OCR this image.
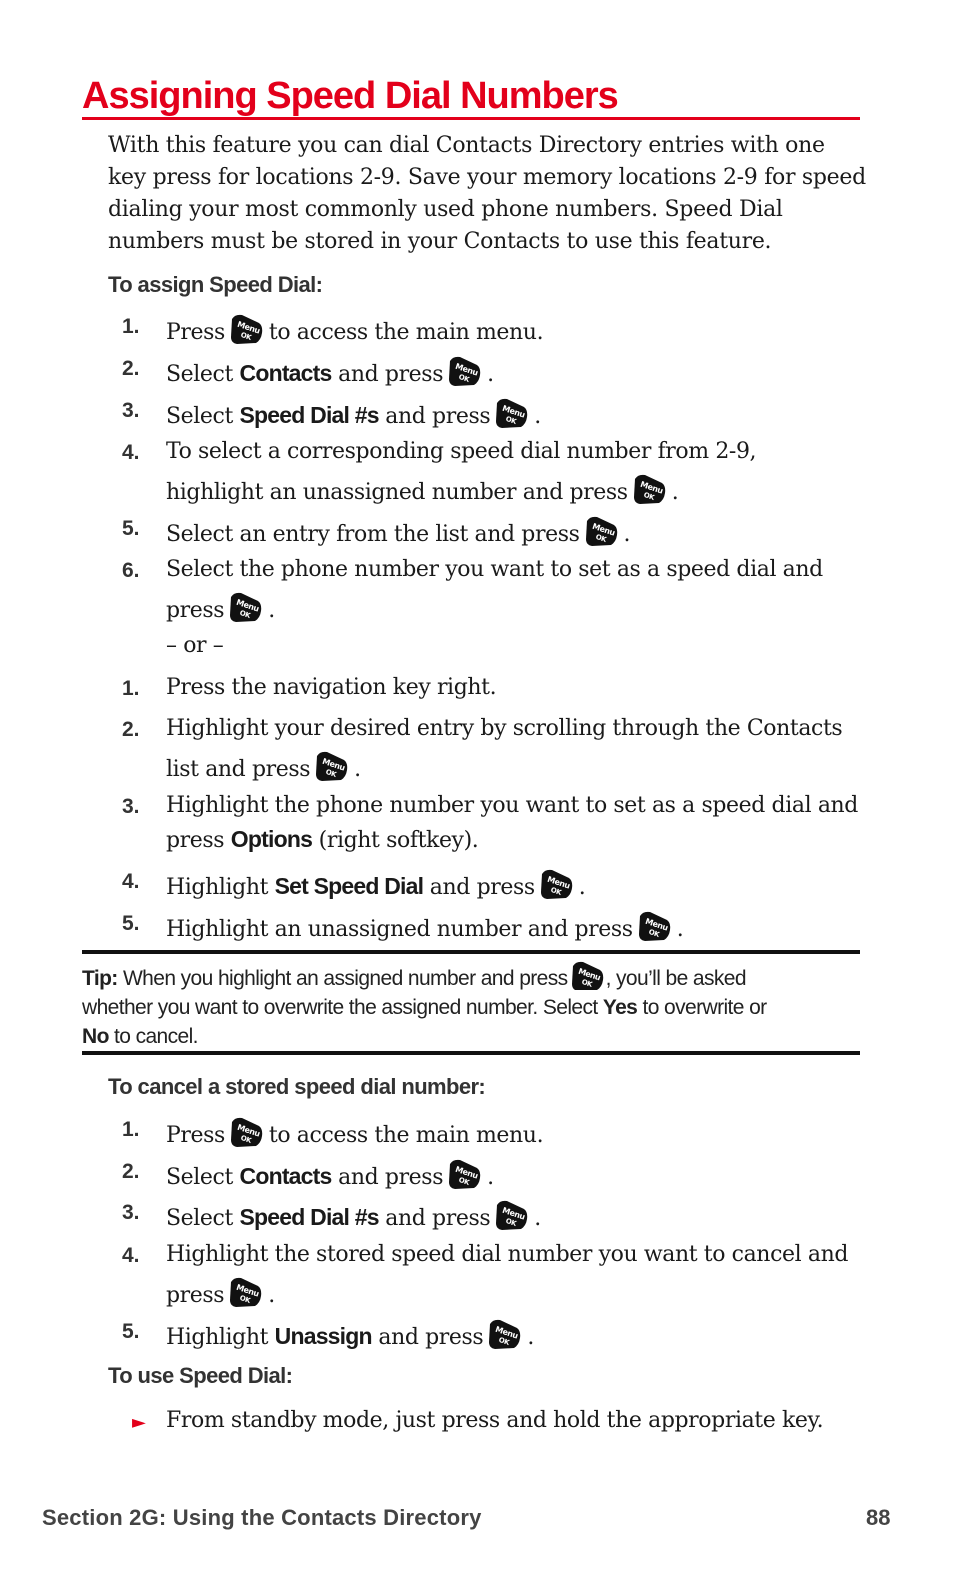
Assigning Speed Dial Numbers
With this feature you can dial Contacts Directory entries with one
key press for locations 2-9. Save your memory locations 2-9 for speed
dialing your most commonly used phone numbers. Speed Dial
numbers must be stored in your Contacts to use this feature.
To assign Speed Dial:
1. Press to access the main menu.
2. Select Contacts and press .
3. Select Speed Dial #s and press .
4. To select a corresponding speed dial number from 2-9,
highlight an unassigned number and press .
5. Select an entry from the list and press .
6. Select the phone number you want to set as a speed dial and
press .
– or –
1. Press the navigation key right.
2. Highlight your desired entry by scrolling through the Contacts
list and press .
3. Highlight the phone number you want to set as a speed dial and
press Options (right softkey).
4. Highlight Set Speed Dial and press .
5. Highlight an unassigned number and press .
Tip: When you highlight an assigned number and press , you’ll be asked
whether you want to overwrite the assigned number. Select Yes to overwrite or
No to cancel.
To cancel a stored speed dial number:
1. Press to access the main menu.
2. Select Contacts and press .
3. Select Speed Dial #s and press .
4. Highlight the stored speed dial number you want to cancel and
press .
5. Highlight Unassign and press .
To use Speed Dial:
► From standby mode, just press and hold the appropriate key.
Section 2G: Using the Contacts Directory	88
